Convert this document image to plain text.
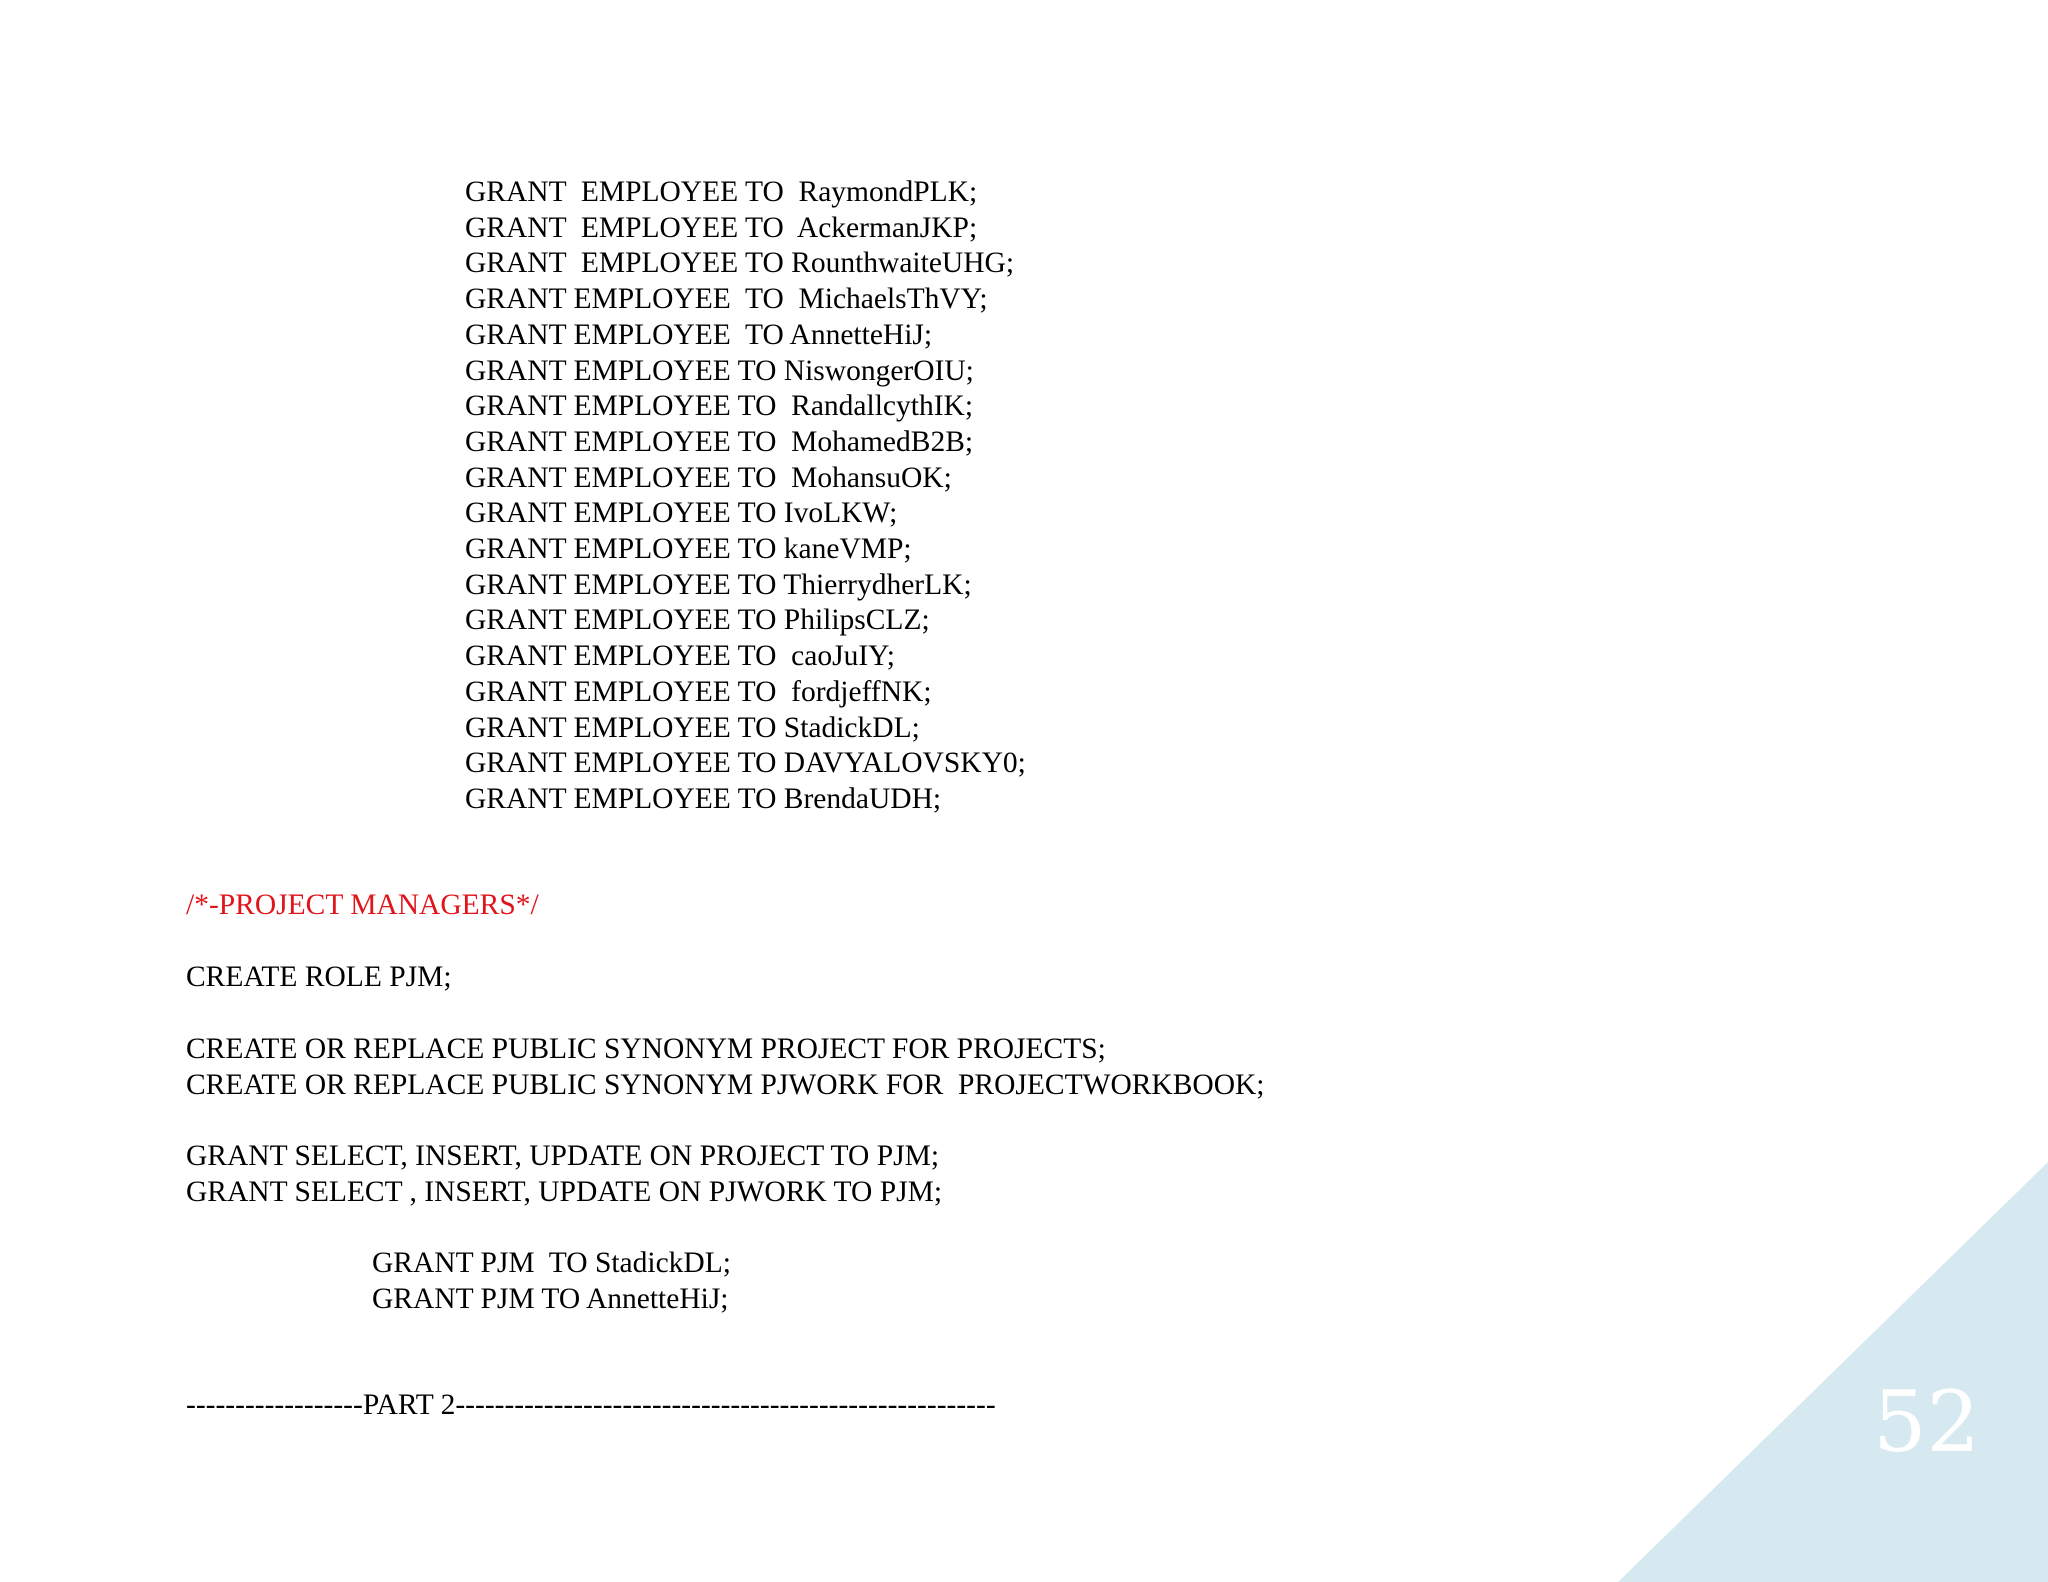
52
GRANT  EMPLOYEE TO  RaymondPLK;
GRANT  EMPLOYEE TO  AckermanJKP;
GRANT  EMPLOYEE TO RounthwaiteUHG;
GRANT EMPLOYEE  TO  MichaelsThVY;
GRANT EMPLOYEE  TO AnnetteHiJ;
GRANT EMPLOYEE TO NiswongerOIU;
GRANT EMPLOYEE TO  RandallcythIK;
GRANT EMPLOYEE TO  MohamedB2B;
GRANT EMPLOYEE TO  MohansuOK;
GRANT EMPLOYEE TO IvoLKW;
GRANT EMPLOYEE TO kaneVMP;
GRANT EMPLOYEE TO ThierrydherLK;
GRANT EMPLOYEE TO PhilipsCLZ;
GRANT EMPLOYEE TO  caoJuIY;
GRANT EMPLOYEE TO  fordjeffNK;
GRANT EMPLOYEE TO StadickDL;
GRANT EMPLOYEE TO DAVYALOVSKY0;
GRANT EMPLOYEE TO BrendaUDH;
/*-PROJECT MANAGERS*/
CREATE ROLE PJM;
CREATE OR REPLACE PUBLIC SYNONYM PROJECT FOR PROJECTS;
CREATE OR REPLACE PUBLIC SYNONYM PJWORK FOR  PROJECTWORKBOOK;
GRANT SELECT, INSERT, UPDATE ON PROJECT TO PJM;
GRANT SELECT , INSERT, UPDATE ON PJWORK TO PJM;
GRANT PJM  TO StadickDL;
GRANT PJM TO AnnetteHiJ;
------------------PART 2-------------------------------------------------------
